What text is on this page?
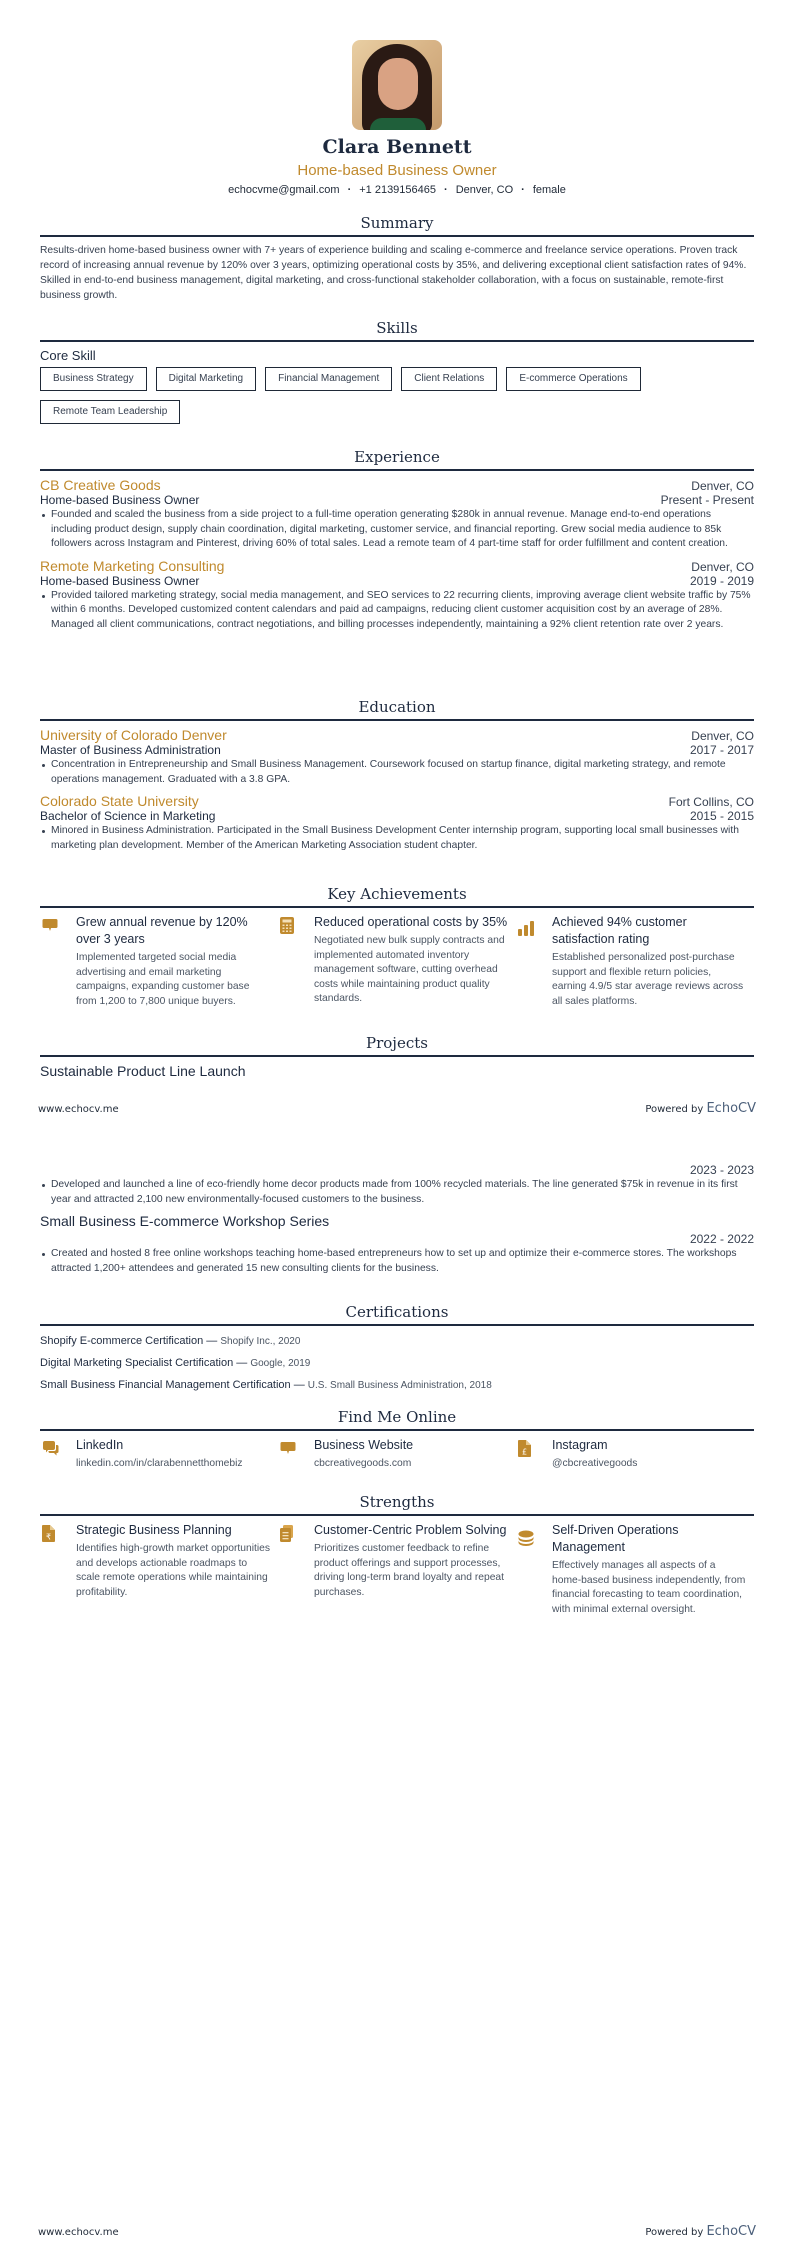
Clara Bennett
Home-based Business Owner
echocvme@gmail.com · +1 2139156465 · Denver, CO · female
Summary
Results-driven home-based business owner with 7+ years of experience building and scaling e-commerce and freelance service operations. Proven track record of increasing annual revenue by 120% over 3 years, optimizing operational costs by 35%, and delivering exceptional client satisfaction rates of 94%. Skilled in end-to-end business management, digital marketing, and cross-functional stakeholder collaboration, with a focus on sustainable, remote-first business growth.
Skills
Core Skill
Business Strategy	Digital Marketing	Financial Management	Client Relations	E-commerce Operations
Remote Team Leadership
Experience
CB Creative Goods	Denver, CO
Home-based Business Owner	Present - Present
Founded and scaled the business from a side project to a full-time operation generating $280k in annual revenue. Manage end-to-end operations including product design, supply chain coordination, digital marketing, customer service, and financial reporting. Grew social media audience to 85k followers across Instagram and Pinterest, driving 60% of total sales. Lead a remote team of 4 part-time staff for order fulfillment and content creation.
Remote Marketing Consulting	Denver, CO
Home-based Business Owner	2019 - 2019
Provided tailored marketing strategy, social media management, and SEO services to 22 recurring clients, improving average client website traffic by 75% within 6 months. Developed customized content calendars and paid ad campaigns, reducing client customer acquisition cost by an average of 28%. Managed all client communications, contract negotiations, and billing processes independently, maintaining a 92% client retention rate over 2 years.
Education
University of Colorado Denver	Denver, CO
Master of Business Administration	2017 - 2017
Concentration in Entrepreneurship and Small Business Management. Coursework focused on startup finance, digital marketing strategy, and remote operations management. Graduated with a 3.8 GPA.
Colorado State University	Fort Collins, CO
Bachelor of Science in Marketing	2015 - 2015
Minored in Business Administration. Participated in the Small Business Development Center internship program, supporting local small businesses with marketing plan development. Member of the American Marketing Association student chapter.
Key Achievements
Grew annual revenue by 120% over 3 years
Implemented targeted social media advertising and email marketing campaigns, expanding customer base from 1,200 to 7,800 unique buyers.
Reduced operational costs by 35%
Negotiated new bulk supply contracts and implemented automated inventory management software, cutting overhead costs while maintaining product quality standards.
Achieved 94% customer satisfaction rating
Established personalized post-purchase support and flexible return policies, earning 4.9/5 star average reviews across all sales platforms.
Projects
Sustainable Product Line Launch
www.echocv.me	Powered by EchoCV
2023 - 2023
Developed and launched a line of eco-friendly home decor products made from 100% recycled materials. The line generated $75k in revenue in its first year and attracted 2,100 new environmentally-focused customers to the business.
Small Business E-commerce Workshop Series
2022 - 2022
Created and hosted 8 free online workshops teaching home-based entrepreneurs how to set up and optimize their e-commerce stores. The workshops attracted 1,200+ attendees and generated 15 new consulting clients for the business.
Certifications
Shopify E-commerce Certification — Shopify Inc., 2020
Digital Marketing Specialist Certification — Google, 2019
Small Business Financial Management Certification — U.S. Small Business Administration, 2018
Find Me Online
LinkedIn
linkedin.com/in/clarabennetthomebiz
Business Website
cbcreativegoods.com
£ Instagram
@cbcreativegoods
Strengths
₹ Strategic Business Planning
Identifies high-growth market opportunities and develops actionable roadmaps to scale remote operations while maintaining profitability.
Customer-Centric Problem Solving
Prioritizes customer feedback to refine product offerings and support processes, driving long-term brand loyalty and repeat purchases.
Self-Driven Operations Management
Effectively manages all aspects of a home-based business independently, from financial forecasting to team coordination, with minimal external oversight.
www.echocv.me	Powered by EchoCV
